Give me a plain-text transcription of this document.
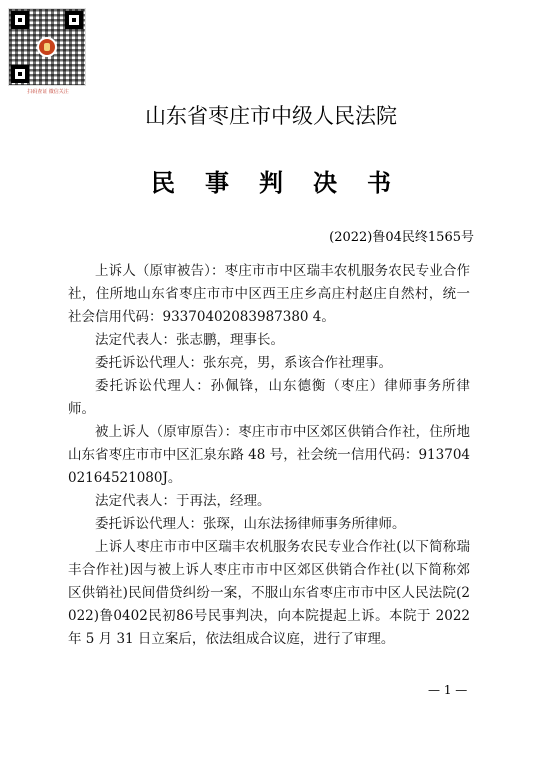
扫码查证 微信关注
山东省枣庄市中级人民法院
民事判决书
(2022)鲁04民终1565号

上诉人（原审被告）：枣庄市市中区瑞丰农机服务农民专业合作社，住所地山东省枣庄市市中区西王庄乡高庄村赵庄自然村，统一社会信用代码：93370402083987380 4。

法定代表人：张志鹏，理事长。

委托诉讼代理人：张东亮，男，系该合作社理事。

委托诉讼代理人：孙佩锋，山东德衡（枣庄）律师事务所律师。

被上诉人（原审原告）：枣庄市市中区郊区供销合作社，住所地山东省枣庄市市中区汇泉东路 48 号，社会统一信用代码：91370402164521080J。

法定代表人：于再法，经理。

委托诉讼代理人：张琛，山东法扬律师事务所律师。

上诉人枣庄市市中区瑞丰农机服务农民专业合作社(以下简称瑞丰合作社)因与被上诉人枣庄市市中区郊区供销合作社(以下简称郊区供销社)民间借贷纠纷一案，不服山东省枣庄市市中区人民法院(2022)鲁0402民初86号民事判决，向本院提起上诉。本院于 2022 年 5 月 31 日立案后，依法组成合议庭，进行了审理。

— 1 —
